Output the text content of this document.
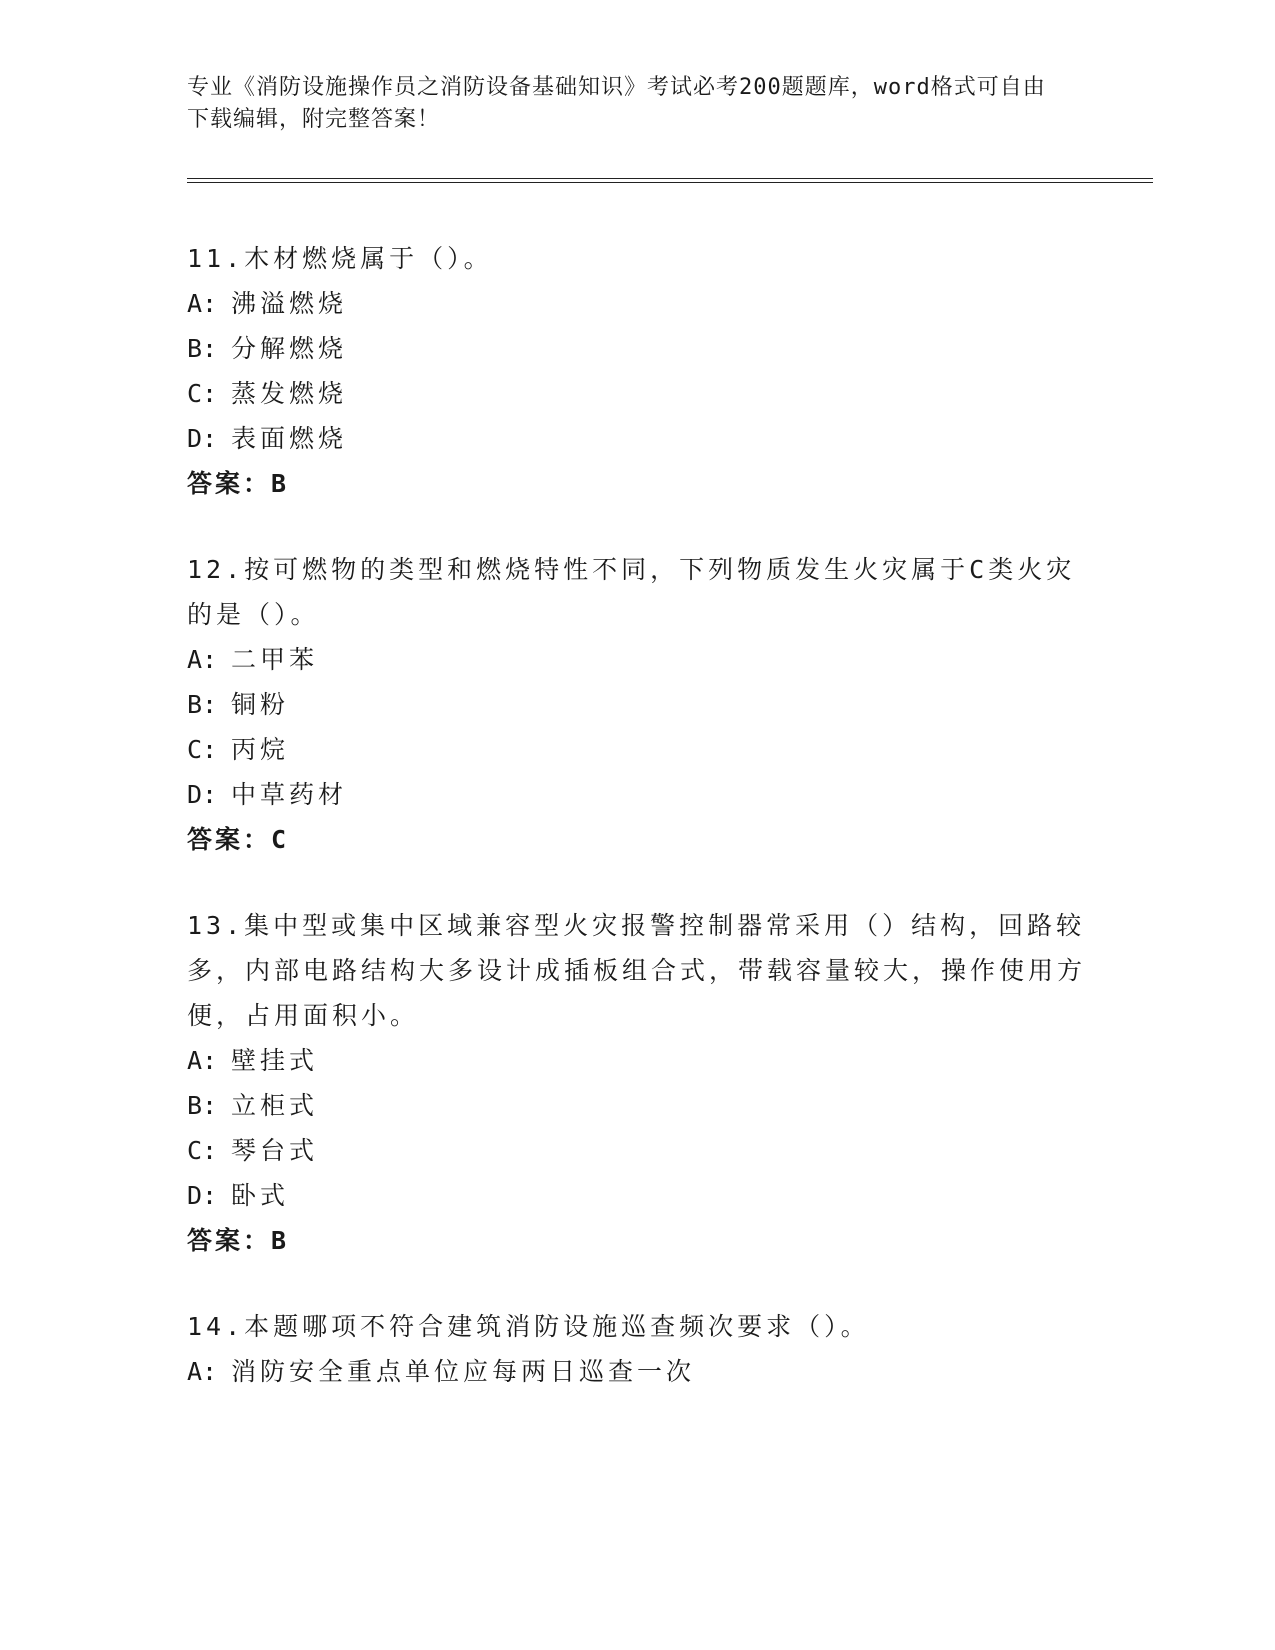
专业《消防设施操作员之消防设备基础知识》考试必考200题题库，word格式可自由下载编辑，附完整答案！

11.木材燃烧属于（）。

A: 沸溢燃烧
B: 分解燃烧
C: 蒸发燃烧
D: 表面燃烧
答案：B

12.按可燃物的类型和燃烧特性不同，下列物质发生火灾属于C类火灾的是（）。

A: 二甲苯
B: 铜粉
C: 丙烷
D: 中草药材
答案：C

13.集中型或集中区域兼容型火灾报警控制器常采用（）结构，回路较多，内部电路结构大多设计成插板组合式，带载容量较大，操作使用方便，占用面积小。

A: 壁挂式
B: 立柜式
C: 琴台式
D: 卧式
答案：B

14.本题哪项不符合建筑消防设施巡查频次要求（）。

A: 消防安全重点单位应每两日巡查一次
